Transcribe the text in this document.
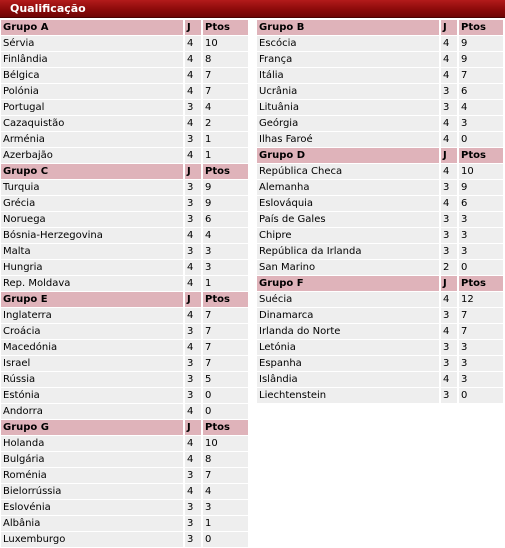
Qualificação
Grupo A	J	Ptos
Sérvia	4	10
Finlândia	4	8
Bélgica	4	7
Polónia	4	7
Portugal	3	4
Cazaquistão	4	2
Arménia	3	1
Azerbajão	4	1
Grupo C	J	Ptos
Turquia	3	9
Grécia	3	9
Noruega	3	6
Bósnia-Herzegovina	4	4
Malta	3	3
Hungria	4	3
Rep. Moldava	4	1
Grupo E	J	Ptos
Inglaterra	4	7
Croácia	3	7
Macedónia	4	7
Israel	3	7
Rússia	3	5
Estónia	3	0
Andorra	4	0
Grupo G	J	Ptos
Holanda	4	10
Bulgária	4	8
Roménia	3	7
Bielorrússia	4	4
Eslovénia	3	3
Albânia	3	1
Luxemburgo	3	0
Grupo B	J	Ptos
Escócia	4	9
França	4	9
Itália	4	7
Ucrânia	3	6
Lituânia	3	4
Geórgia	4	3
Ilhas Faroé	4	0
Grupo D	J	Ptos
República Checa	4	10
Alemanha	3	9
Eslováquia	4	6
País de Gales	3	3
Chipre	3	3
República da Irlanda	3	3
San Marino	2	0
Grupo F	J	Ptos
Suécia	4	12
Dinamarca	3	7
Irlanda do Norte	4	7
Letónia	3	3
Espanha	3	3
Islândia	4	3
Liechtenstein	3	0
